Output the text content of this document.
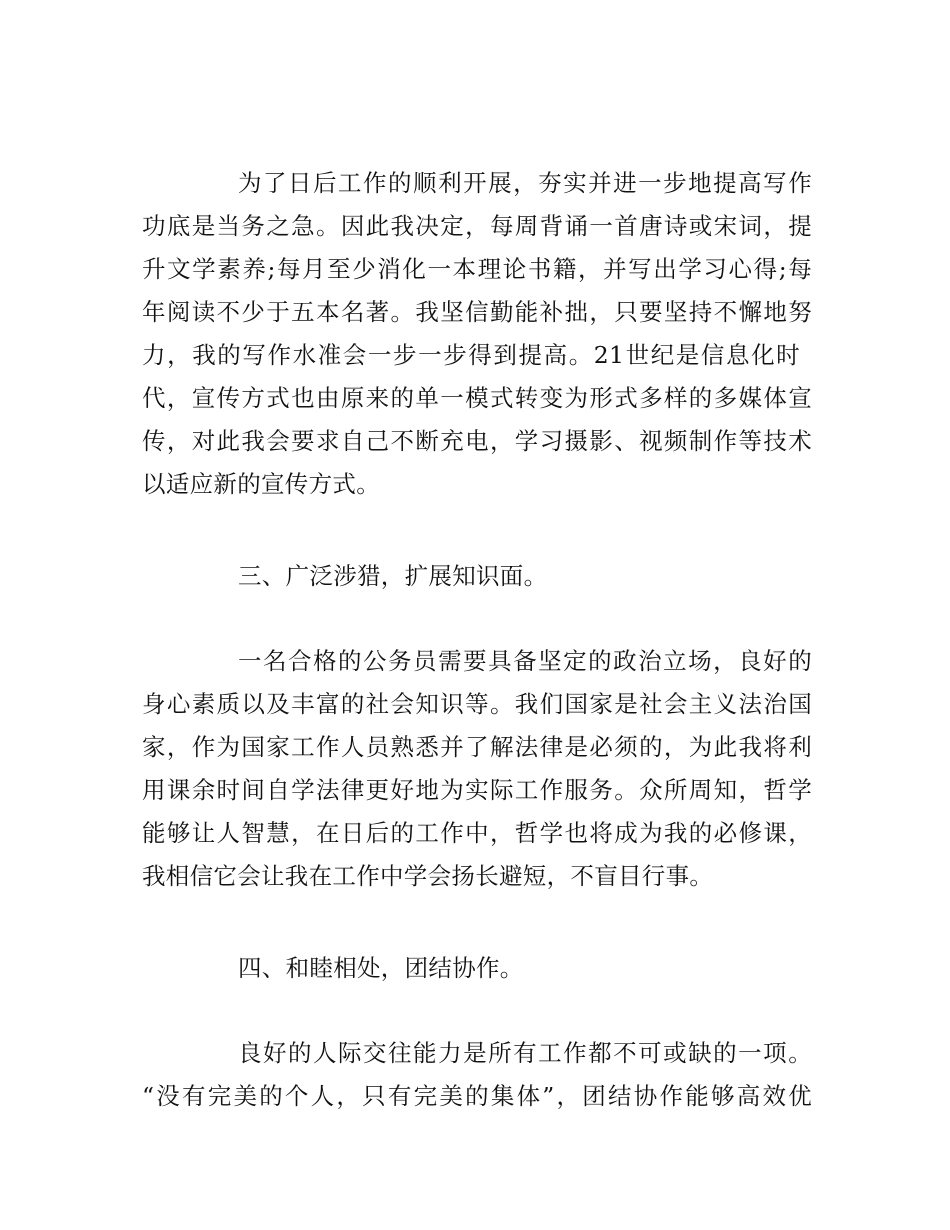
为了日后工作的顺利开展，夯实并进一步地提高写作
功底是当务之急。因此我决定，每周背诵一首唐诗或宋词，提
升文学素养;每月至少消化一本理论书籍，并写出学习心得;每
年阅读不少于五本名著。我坚信勤能补拙，只要坚持不懈地努
力，我的写作水准会一步一步得到提高。21世纪是信息化时
代，宣传方式也由原来的单一模式转变为形式多样的多媒体宣
传，对此我会要求自己不断充电，学习摄影、视频制作等技术
以适应新的宣传方式。
三、广泛涉猎，扩展知识面。
一名合格的公务员需要具备坚定的政治立场，良好的
身心素质以及丰富的社会知识等。我们国家是社会主义法治国
家，作为国家工作人员熟悉并了解法律是必须的，为此我将利
用课余时间自学法律更好地为实际工作服务。众所周知，哲学
能够让人智慧，在日后的工作中，哲学也将成为我的必修课，
我相信它会让我在工作中学会扬长避短，不盲目行事。
四、和睦相处，团结协作。
良好的人际交往能力是所有工作都不可或缺的一项。
“没有完美的个人，只有完美的集体”，团结协作能够高效优
